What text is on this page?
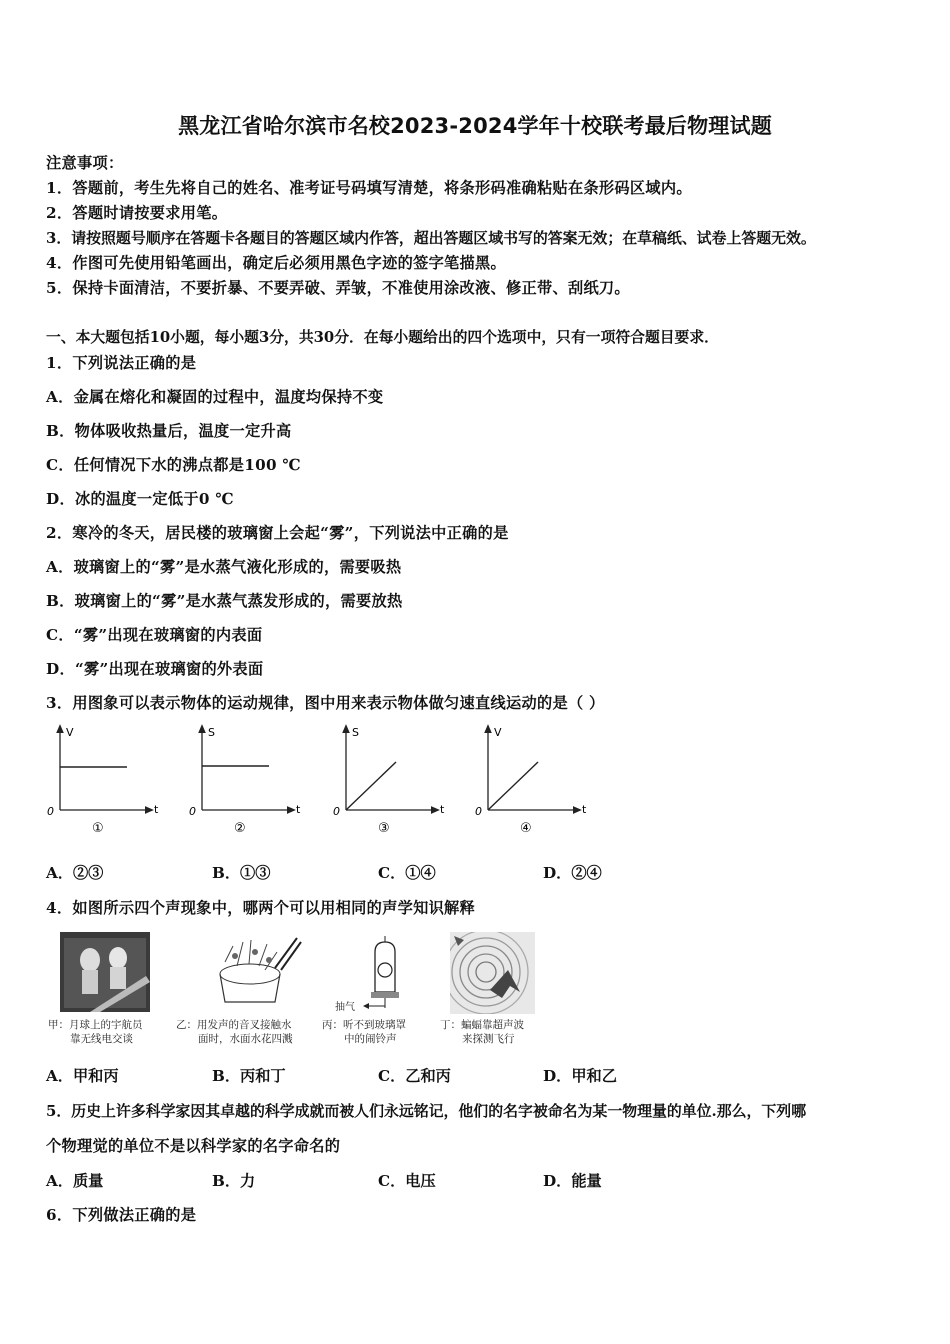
黑龙江省哈尔滨市名校2023-2024学年十校联考最后物理试题
注意事项：
1．答题前，考生先将自己的姓名、准考证号码填写清楚，将条形码准确粘贴在条形码区域内。
2．答题时请按要求用笔。
3．请按照题号顺序在答题卡各题目的答题区域内作答，超出答题区域书写的答案无效；在草稿纸、试卷上答题无效。
4．作图可先使用铅笔画出，确定后必须用黑色字迹的签字笔描黑。
5．保持卡面清洁，不要折暴、不要弄破、弄皱，不准使用涂改液、修正带、刮纸刀。
一、本大题包括10小题，每小题3分，共30分．在每小题给出的四个选项中，只有一项符合题目要求．
1．下列说法正确的是
A．金属在熔化和凝固的过程中，温度均保持不变
B．物体吸收热量后，温度一定升高
C．任何情况下水的沸点都是100 ℃
D．冰的温度一定低于0 ℃
2．寒冷的冬天，居民楼的玻璃窗上会起“雾”，下列说法中正确的是
A．玻璃窗上的“雾”是水蒸气液化形成的，需要吸热
B．玻璃窗上的“雾”是水蒸气蒸发形成的，需要放热
C．“雾”出现在玻璃窗的内表面
D．“雾”出现在玻璃窗的外表面
3．用图象可以表示物体的运动规律，图中用来表示物体做匀速直线运动的是（ ）
V
t
0
①
S
t
0
②
S
t
0
③
V
t
0
④
A．②③	B．①③	C．①④	D．②④
4．如图所示四个声现象中，哪两个可以用相同的声学知识解释
抽气
甲：月球上的宇航员
靠无线电交谈
乙：用发声的音叉接触水
面时，水面水花四溅
丙：听不到玻璃罩
中的闹铃声
丁：蝙蝠靠超声波
来探测飞行
A．甲和丙	B．丙和丁	C．乙和丙	D．甲和乙
5．历史上许多科学家因其卓越的科学成就而被人们永远铭记，他们的名字被命名为某一物理量的单位.那么，下列哪
个物理觉的单位不是以科学家的名字命名的
A．质量	B．力	C．电压	D．能量
6．下列做法正确的是
